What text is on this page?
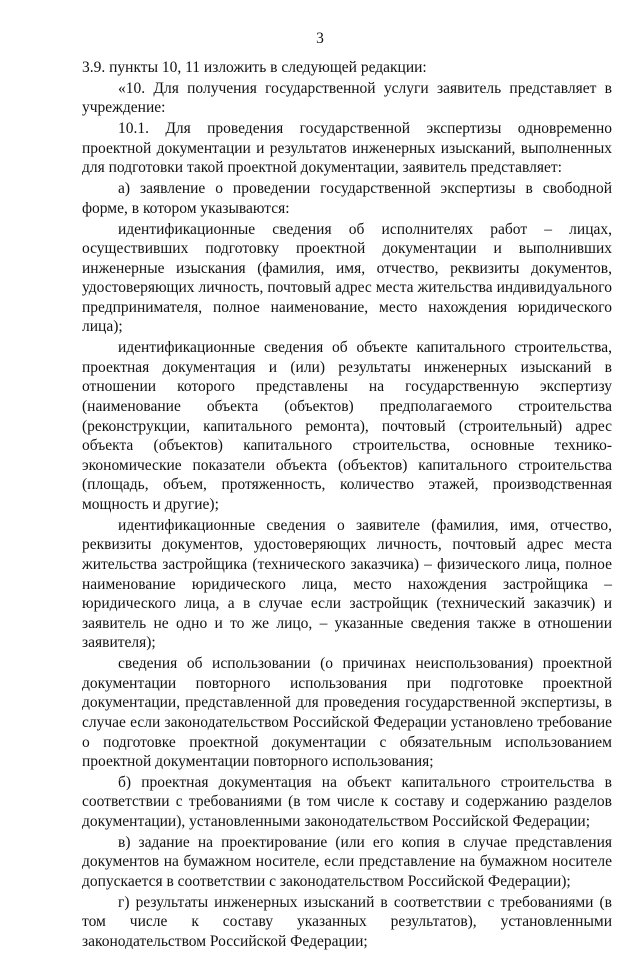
3

3.9. пункты 10, 11 изложить в следующей редакции:

«10. Для получения государственной услуги заявитель представляет в учреждение:

10.1. Для проведения государственной экспертизы одновременно проектной документации и результатов инженерных изысканий, выполненных для подготовки такой проектной документации, заявитель представляет:

а) заявление о проведении государственной экспертизы в свободной форме, в котором указываются:

идентификационные сведения об исполнителях работ – лицах, осуществивших подготовку проектной документации и выполнивших инженерные изыскания (фамилия, имя, отчество, реквизиты документов, удостоверяющих личность, почтовый адрес места жительства индивидуального предпринимателя, полное наименование, место нахождения юридического лица);

идентификационные сведения об объекте капитального строительства, проектная документация и (или) результаты инженерных изысканий в отношении которого представлены на государственную экспертизу (наименование объекта (объектов) предполагаемого строительства (реконструкции, капитального ремонта), почтовый (строительный) адрес объекта (объектов) капитального строительства, основные технико-экономические показатели объекта (объектов) капитального строительства (площадь, объем, протяженность, количество этажей, производственная мощность и другие);

идентификационные сведения о заявителе (фамилия, имя, отчество, реквизиты документов, удостоверяющих личность, почтовый адрес места жительства застройщика (технического заказчика) – физического лица, полное наименование юридического лица, место нахождения застройщика – юридического лица, а в случае если застройщик (технический заказчик) и заявитель не одно и то же лицо, – указанные сведения также в отношении заявителя);

сведения об использовании (о причинах неиспользования) проектной документации повторного использования при подготовке проектной документации, представленной для проведения государственной экспертизы, в случае если законодательством Российской Федерации установлено требование о подготовке проектной документации с обязательным использованием проектной документации повторного использования;

б) проектная документация на объект капитального строительства в соответствии с требованиями (в том числе к составу и содержанию разделов документации), установленными законодательством Российской Федерации;

в) задание на проектирование (или его копия в случае представления документов на бумажном носителе, если представление на бумажном носителе допускается в соответствии с законодательством Российской Федерации);

г) результаты инженерных изысканий в соответствии с требованиями (в том числе к составу указанных результатов), установленными законодательством Российской Федерации;
